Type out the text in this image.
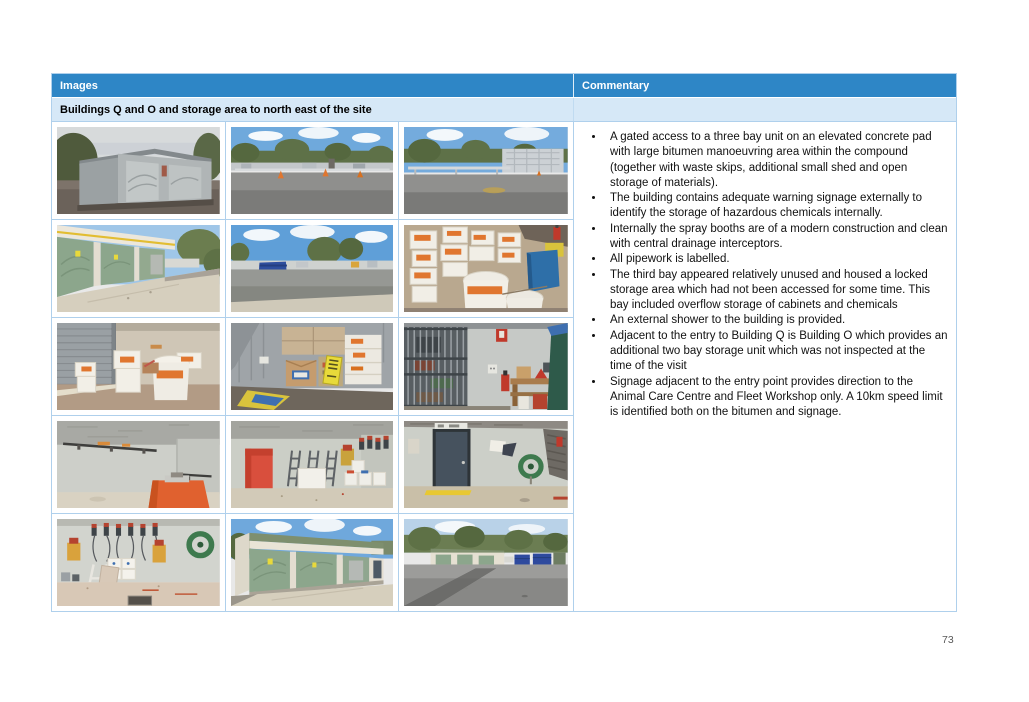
Images	Commentary
Buildings Q and O and storage area to north east of the site
• A gated access to a three bay unit on an elevated concrete pad with large bitumen manoeuvring area within the compound (together with waste skips, additional small shed and open storage of materials).
• The building contains adequate warning signage externally to identify the storage of hazardous chemicals internally.
• Internally the spray booths are of a modern construction and clean with central drainage interceptors.
• All pipework is labelled.
• The third bay appeared relatively unused and housed a locked storage area which had not been accessed for some time. This bay included overflow storage of cabinets and chemicals
• An external shower to the building is provided.
• Adjacent to the entry to Building Q is Building O which provides an additional two bay storage unit which was not inspected at the time of the visit
• Signage adjacent to the entry point provides direction to the Animal Care Centre and Fleet Workshop only. A 10km speed limit is identified both on the bitumen and signage.
73
